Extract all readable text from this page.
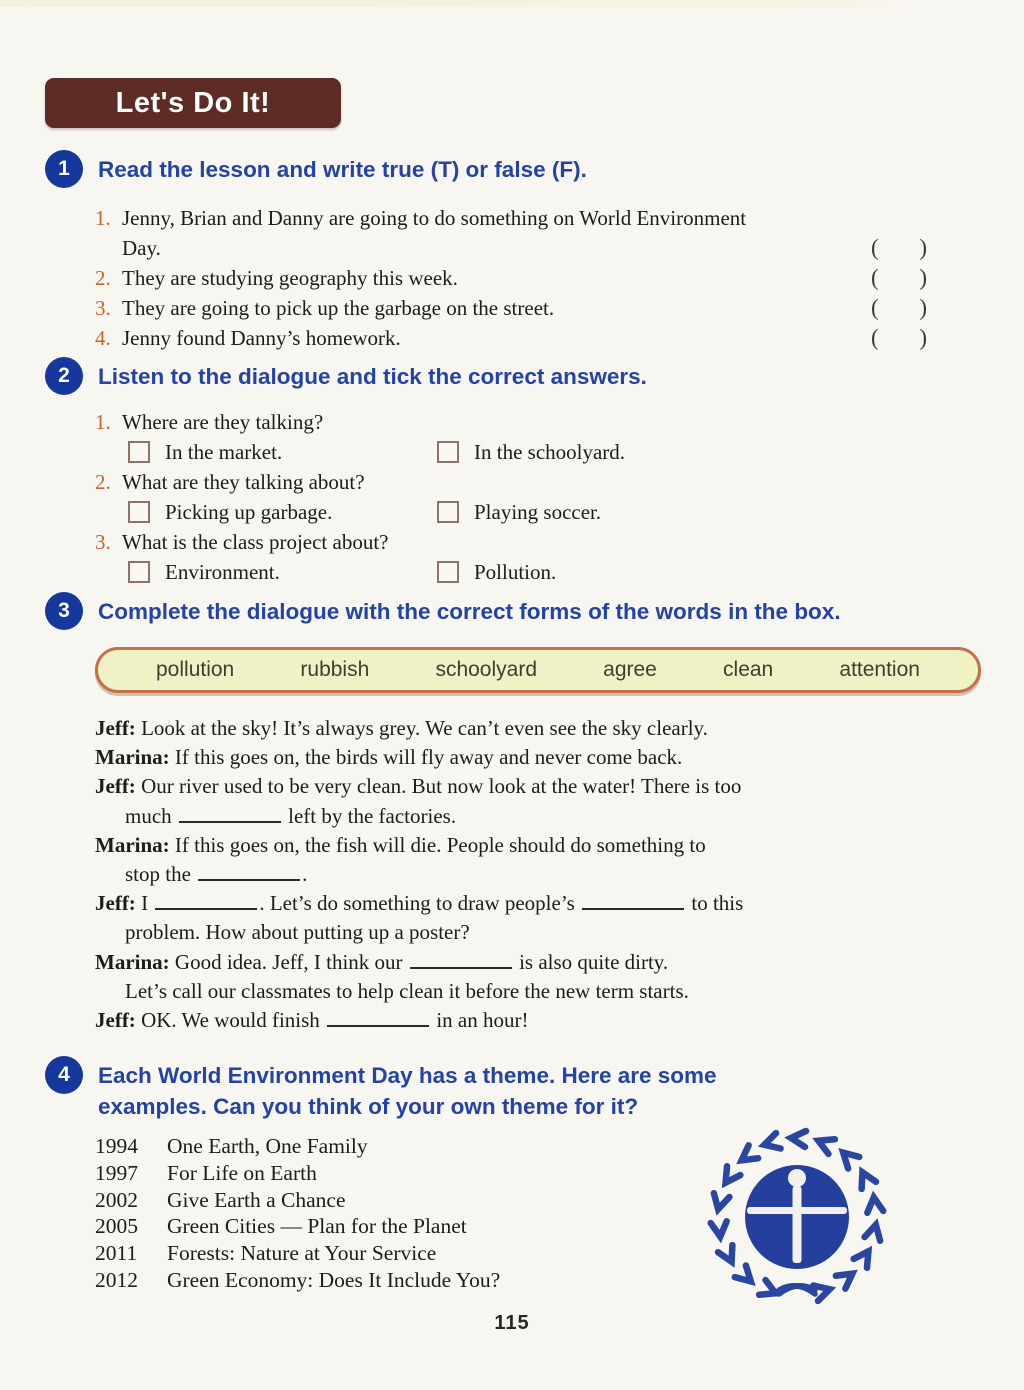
Let's Do It!
1	Read the lesson and write true (T) or false (F).
1. Jenny, Brian and Danny are going to do something on World Environment
Day.	( )
2. They are studying geography this week.	( )
3. They are going to pick up the garbage on the street.	( )
4. Jenny found Danny’s homework.	( )
2	Listen to the dialogue and tick the correct answers.
1. Where are they talking?
In the market.	In the schoolyard.
2. What are they talking about?
Picking up garbage.	Playing soccer.
3. What is the class project about?
Environment.	Pollution.
3	Complete the dialogue with the correct forms of the words in the box.
pollution	rubbish	schoolyard	agree	clean	attention
Jeff: Look at the sky! It’s always grey. We can’t even see the sky clearly.
Marina: If this goes on, the birds will fly away and never come back.
Jeff: Our river used to be very clean. But now look at the water! There is too
much	left by the factories.
Marina: If this goes on, the fish will die. People should do something to
stop the	.
Jeff: I	. Let’s do something to draw people’s	to this
problem. How about putting up a poster?
Marina: Good idea. Jeff, I think our	is also quite dirty.
Let’s call our classmates to help clean it before the new term starts.
Jeff: OK. We would finish	in an hour!
4	Each World Environment Day has a theme. Here are some
examples. Can you think of your own theme for it?
1994	One Earth, One Family
1997	For Life on Earth
2002	Give Earth a Chance
2005	Green Cities — Plan for the Planet
2011	Forests: Nature at Your Service
2012	Green Economy: Does It Include You?
115
